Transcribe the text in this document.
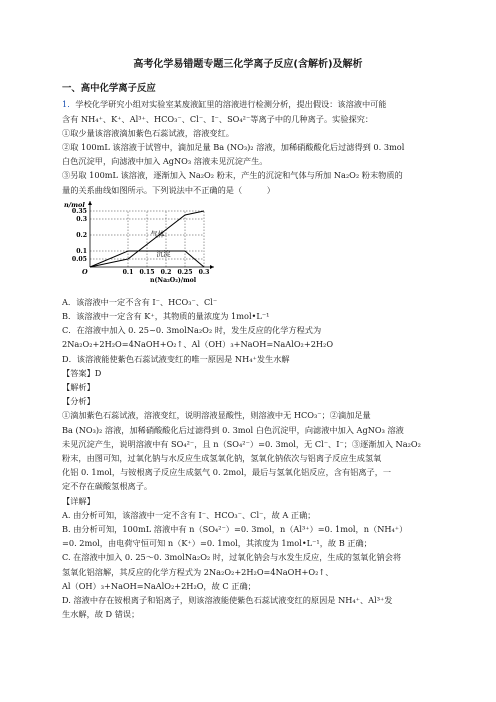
高考化学易错题专题三化学离子反应(含解析)及解析
一、高中化学离子反应
1．学校化学研究小组对实验室某废液缸里的溶液进行检测分析，提出假设：该溶液中可能
含有 NH₄⁺、K⁺、Al³⁺、HCO₃⁻、Cl⁻、I⁻、SO₄²⁻等离子中的几种离子。实验探究：
①取少量该溶液滴加紫色石蕊试液，溶液变红。
②取 100mL 该溶液于试管中，滴加足量 Ba (NO₃)₂ 溶液，加稀硝酸酸化后过滤得到 0. 3mol
白色沉淀甲，向滤液中加入 AgNO₃ 溶液未见沉淀产生。
③另取 100mL 该溶液，逐渐加入 Na₂O₂ 粉末，产生的沉淀和气体与所加 Na₂O₂ 粉末物质的
量的关系曲线如图所示。下列说法中不正确的是（　　　）
n/mol
n(Na₂O₂)/mol
O
0.35
0.3
0.2
0.1
0.05
0.1 0.15 0.2 0.25 0.3
气体
沉淀
A．该溶液中一定不含有 I⁻、HCO₃⁻、Cl⁻
B．该溶液中一定含有 K⁺，其物质的量浓度为 1mol•L⁻¹
C．在溶液中加入 0. 25~0. 3molNa₂O₂ 时，发生反应的化学方程式为
2Na₂O₂+2H₂O=4NaOH+O₂↑、Al（OH）₃+NaOH=NaAlO₂+2H₂O
D．该溶液能使紫色石蕊试液变红的唯一原因是 NH₄⁺发生水解
【答案】D
【解析】
【分析】
①滴加紫色石蕊试液，溶液变红，说明溶液显酸性，则溶液中无 HCO₃⁻；②滴加足量
Ba (NO₃)₂ 溶液，加稀硝酸酸化后过滤得到 0. 3mol 白色沉淀甲，向滤液中加入 AgNO₃ 溶液
未见沉淀产生，说明溶液中有 SO₄²⁻，且 n（SO₄²⁻）=0. 3mol，无 Cl⁻、I⁻；③逐渐加入 Na₂O₂
粉末，由图可知，过氧化钠与水反应生成氢氧化钠，氢氧化钠依次与铝离子反应生成氢氧
化铝 0. 1mol，与铵根离子反应生成氨气 0. 2mol，最后与氢氧化铝反应，含有铝离子，一
定不存在碳酸氢根离子。
【详解】
A. 由分析可知，该溶液中一定不含有 I⁻、HCO₃⁻、Cl⁻，故 A 正确；
B. 由分析可知，100mL 溶液中有 n（SO₄²⁻）=0. 3mol，n（Al³⁺）=0. 1mol，n（NH₄⁺）
=0. 2mol，由电荷守恒可知 n（K⁺）=0. 1mol，其浓度为 1mol•L⁻¹，故 B 正确；
C. 在溶液中加入 0. 25～0. 3molNa₂O₂ 时，过氧化钠会与水发生反应，生成的氢氧化钠会将
氢氧化铝溶解，其反应的化学方程式为 2Na₂O₂+2H₂O=4NaOH+O₂↑、
Al（OH）₃+NaOH=NaAlO₂+2H₂O，故 C 正确；
D. 溶液中存在铵根离子和铝离子，则该溶液能使紫色石蕊试液变红的原因是 NH₄⁺、Al³⁺发
生水解，故 D 错误；
